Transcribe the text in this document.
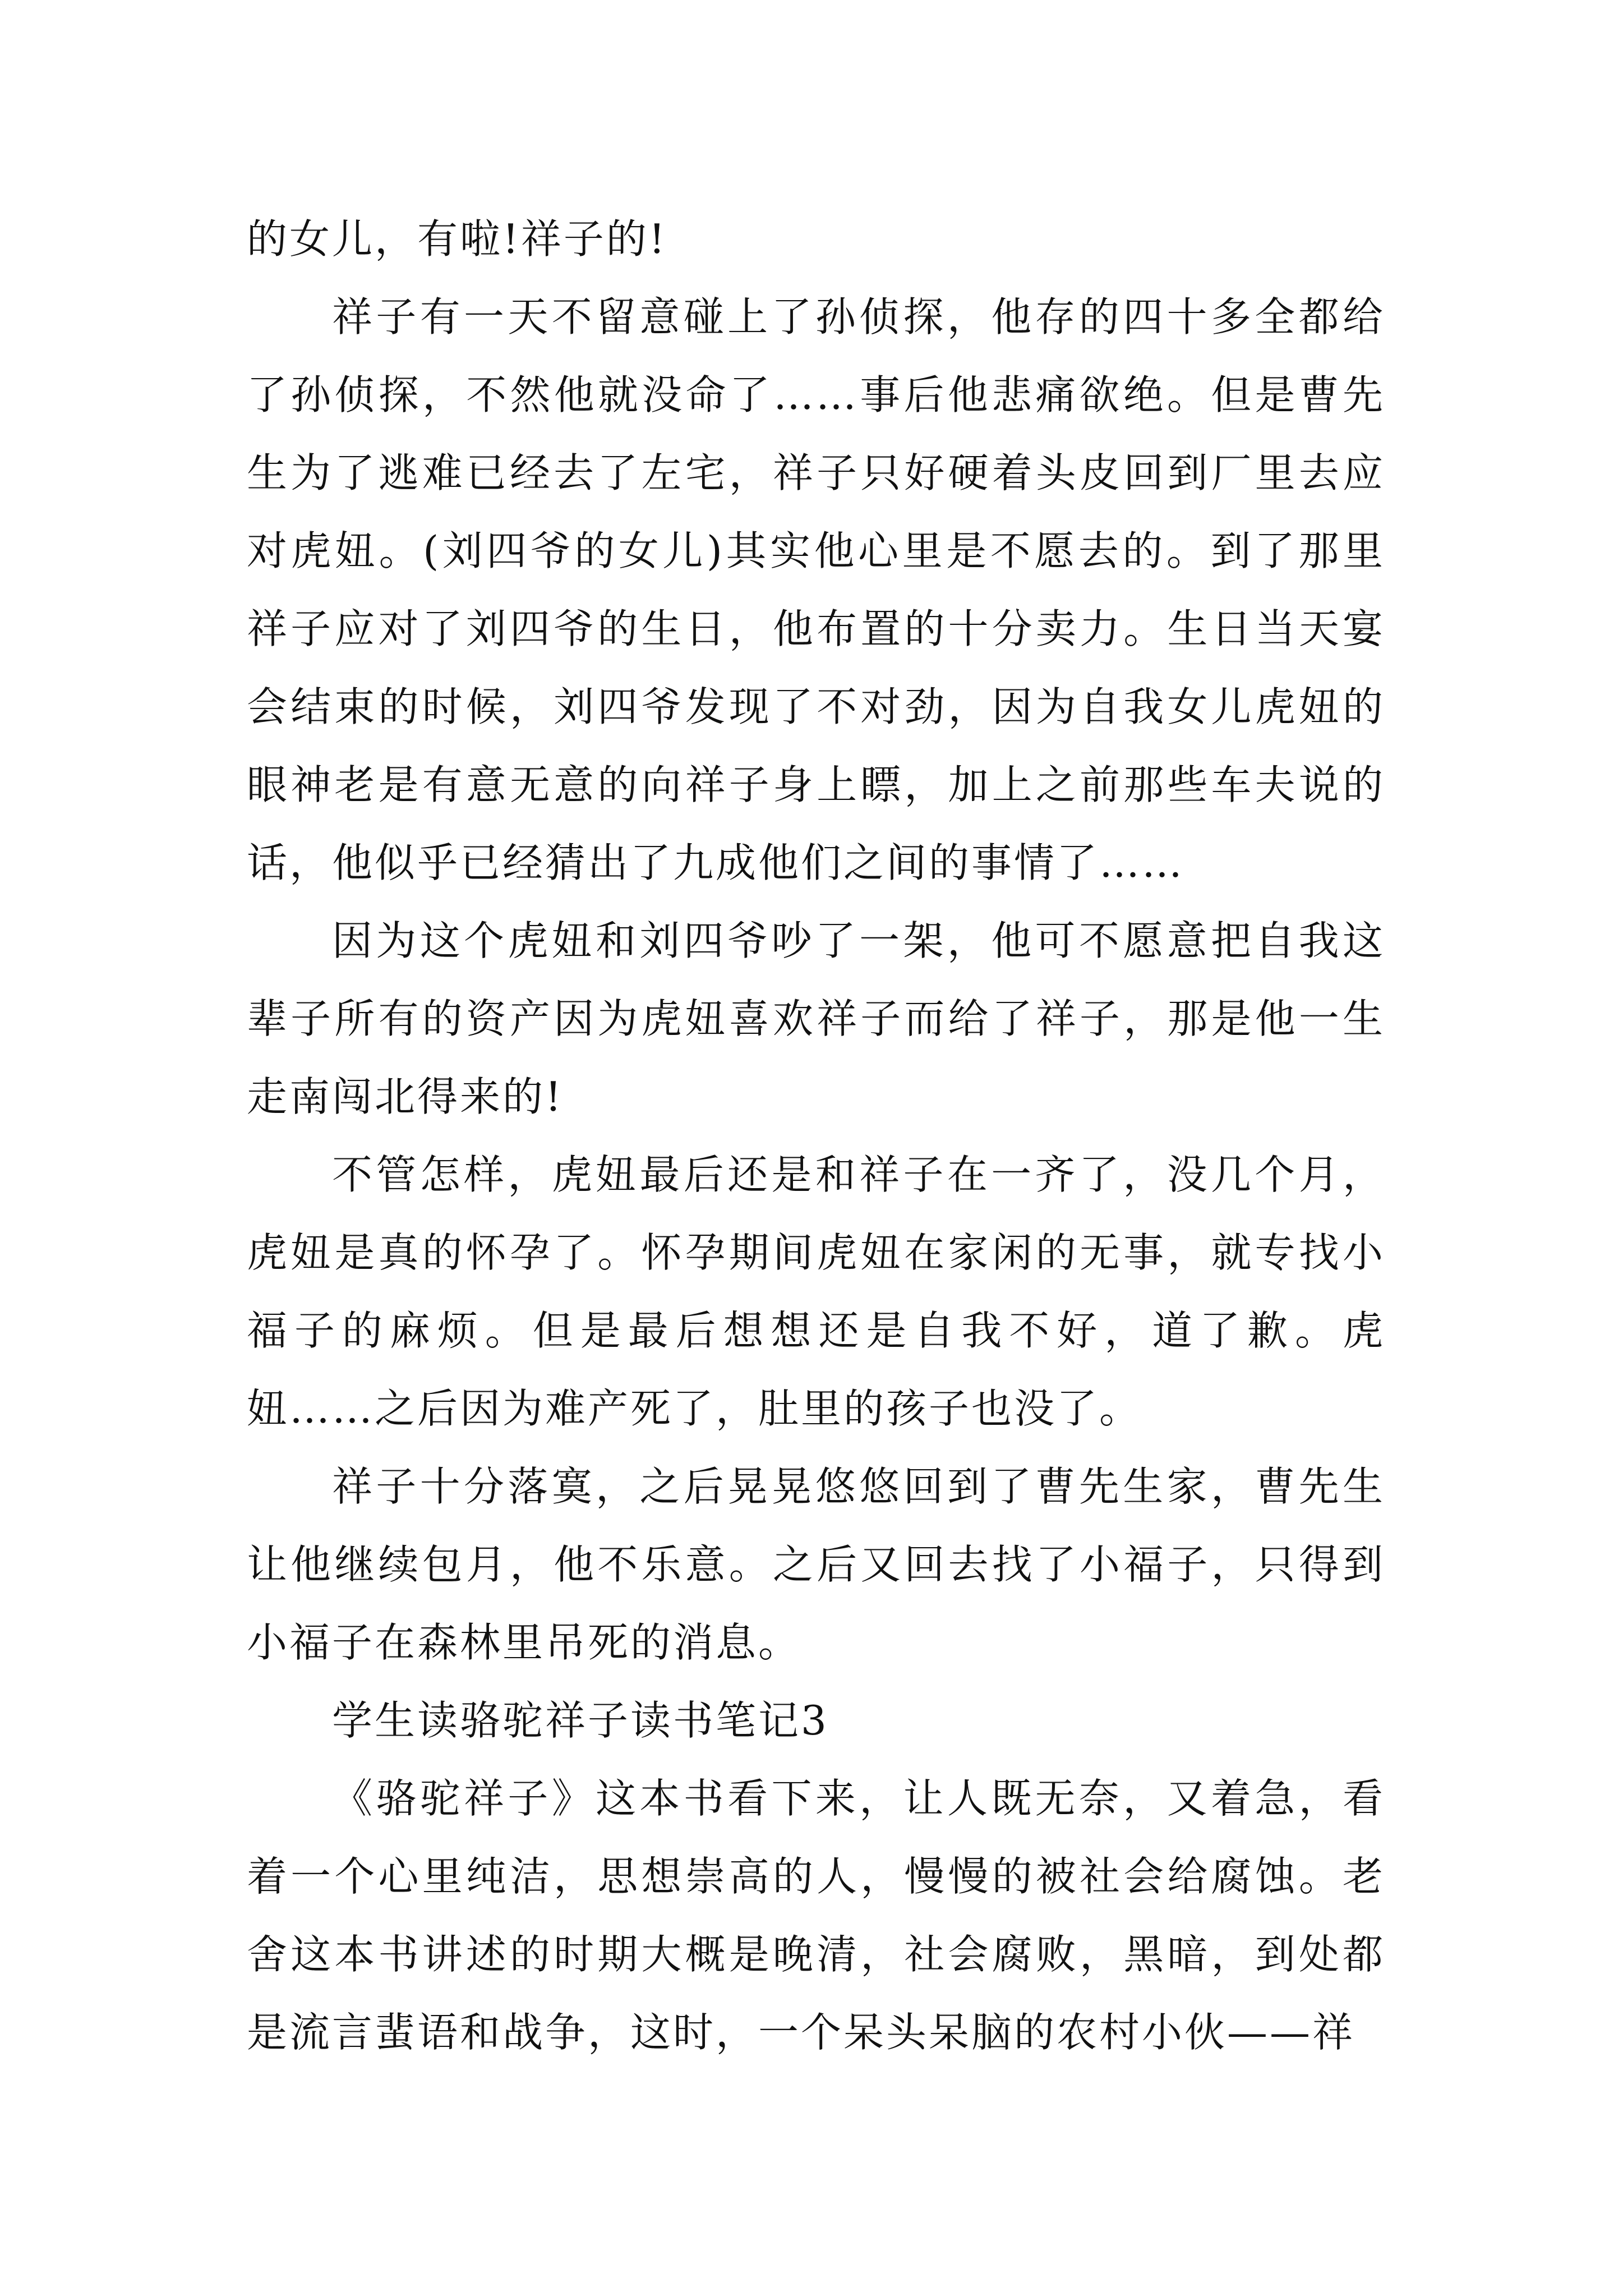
的女儿，有啦!祥子的!

祥子有一天不留意碰上了孙侦探，他存的四十多全都给了孙侦探，不然他就没命了……事后他悲痛欲绝。但是曹先生为了逃难已经去了左宅，祥子只好硬着头皮回到厂里去应对虎妞。(刘四爷的女儿)其实他心里是不愿去的。到了那里祥子应对了刘四爷的生日，他布置的十分卖力。生日当天宴会结束的时候，刘四爷发现了不对劲，因为自我女儿虎妞的眼神老是有意无意的向祥子身上瞟，加上之前那些车夫说的话，他似乎已经猜出了九成他们之间的事情了……

因为这个虎妞和刘四爷吵了一架，他可不愿意把自我这辈子所有的资产因为虎妞喜欢祥子而给了祥子，那是他一生走南闯北得来的!

不管怎样，虎妞最后还是和祥子在一齐了，没几个月，虎妞是真的怀孕了。怀孕期间虎妞在家闲的无事，就专找小福子的麻烦。但是最后想想还是自我不好，道了歉。虎妞……之后因为难产死了，肚里的孩子也没了。

祥子十分落寞，之后晃晃悠悠回到了曹先生家，曹先生让他继续包月，他不乐意。之后又回去找了小福子，只得到小福子在森林里吊死的消息。

学生读骆驼祥子读书笔记3

《骆驼祥子》这本书看下来，让人既无奈，又着急，看着一个心里纯洁，思想崇高的人，慢慢的被社会给腐蚀。老舍这本书讲述的时期大概是晚清，社会腐败，黑暗，到处都是流言蜚语和战争，这时，一个呆头呆脑的农村小伙——祥
